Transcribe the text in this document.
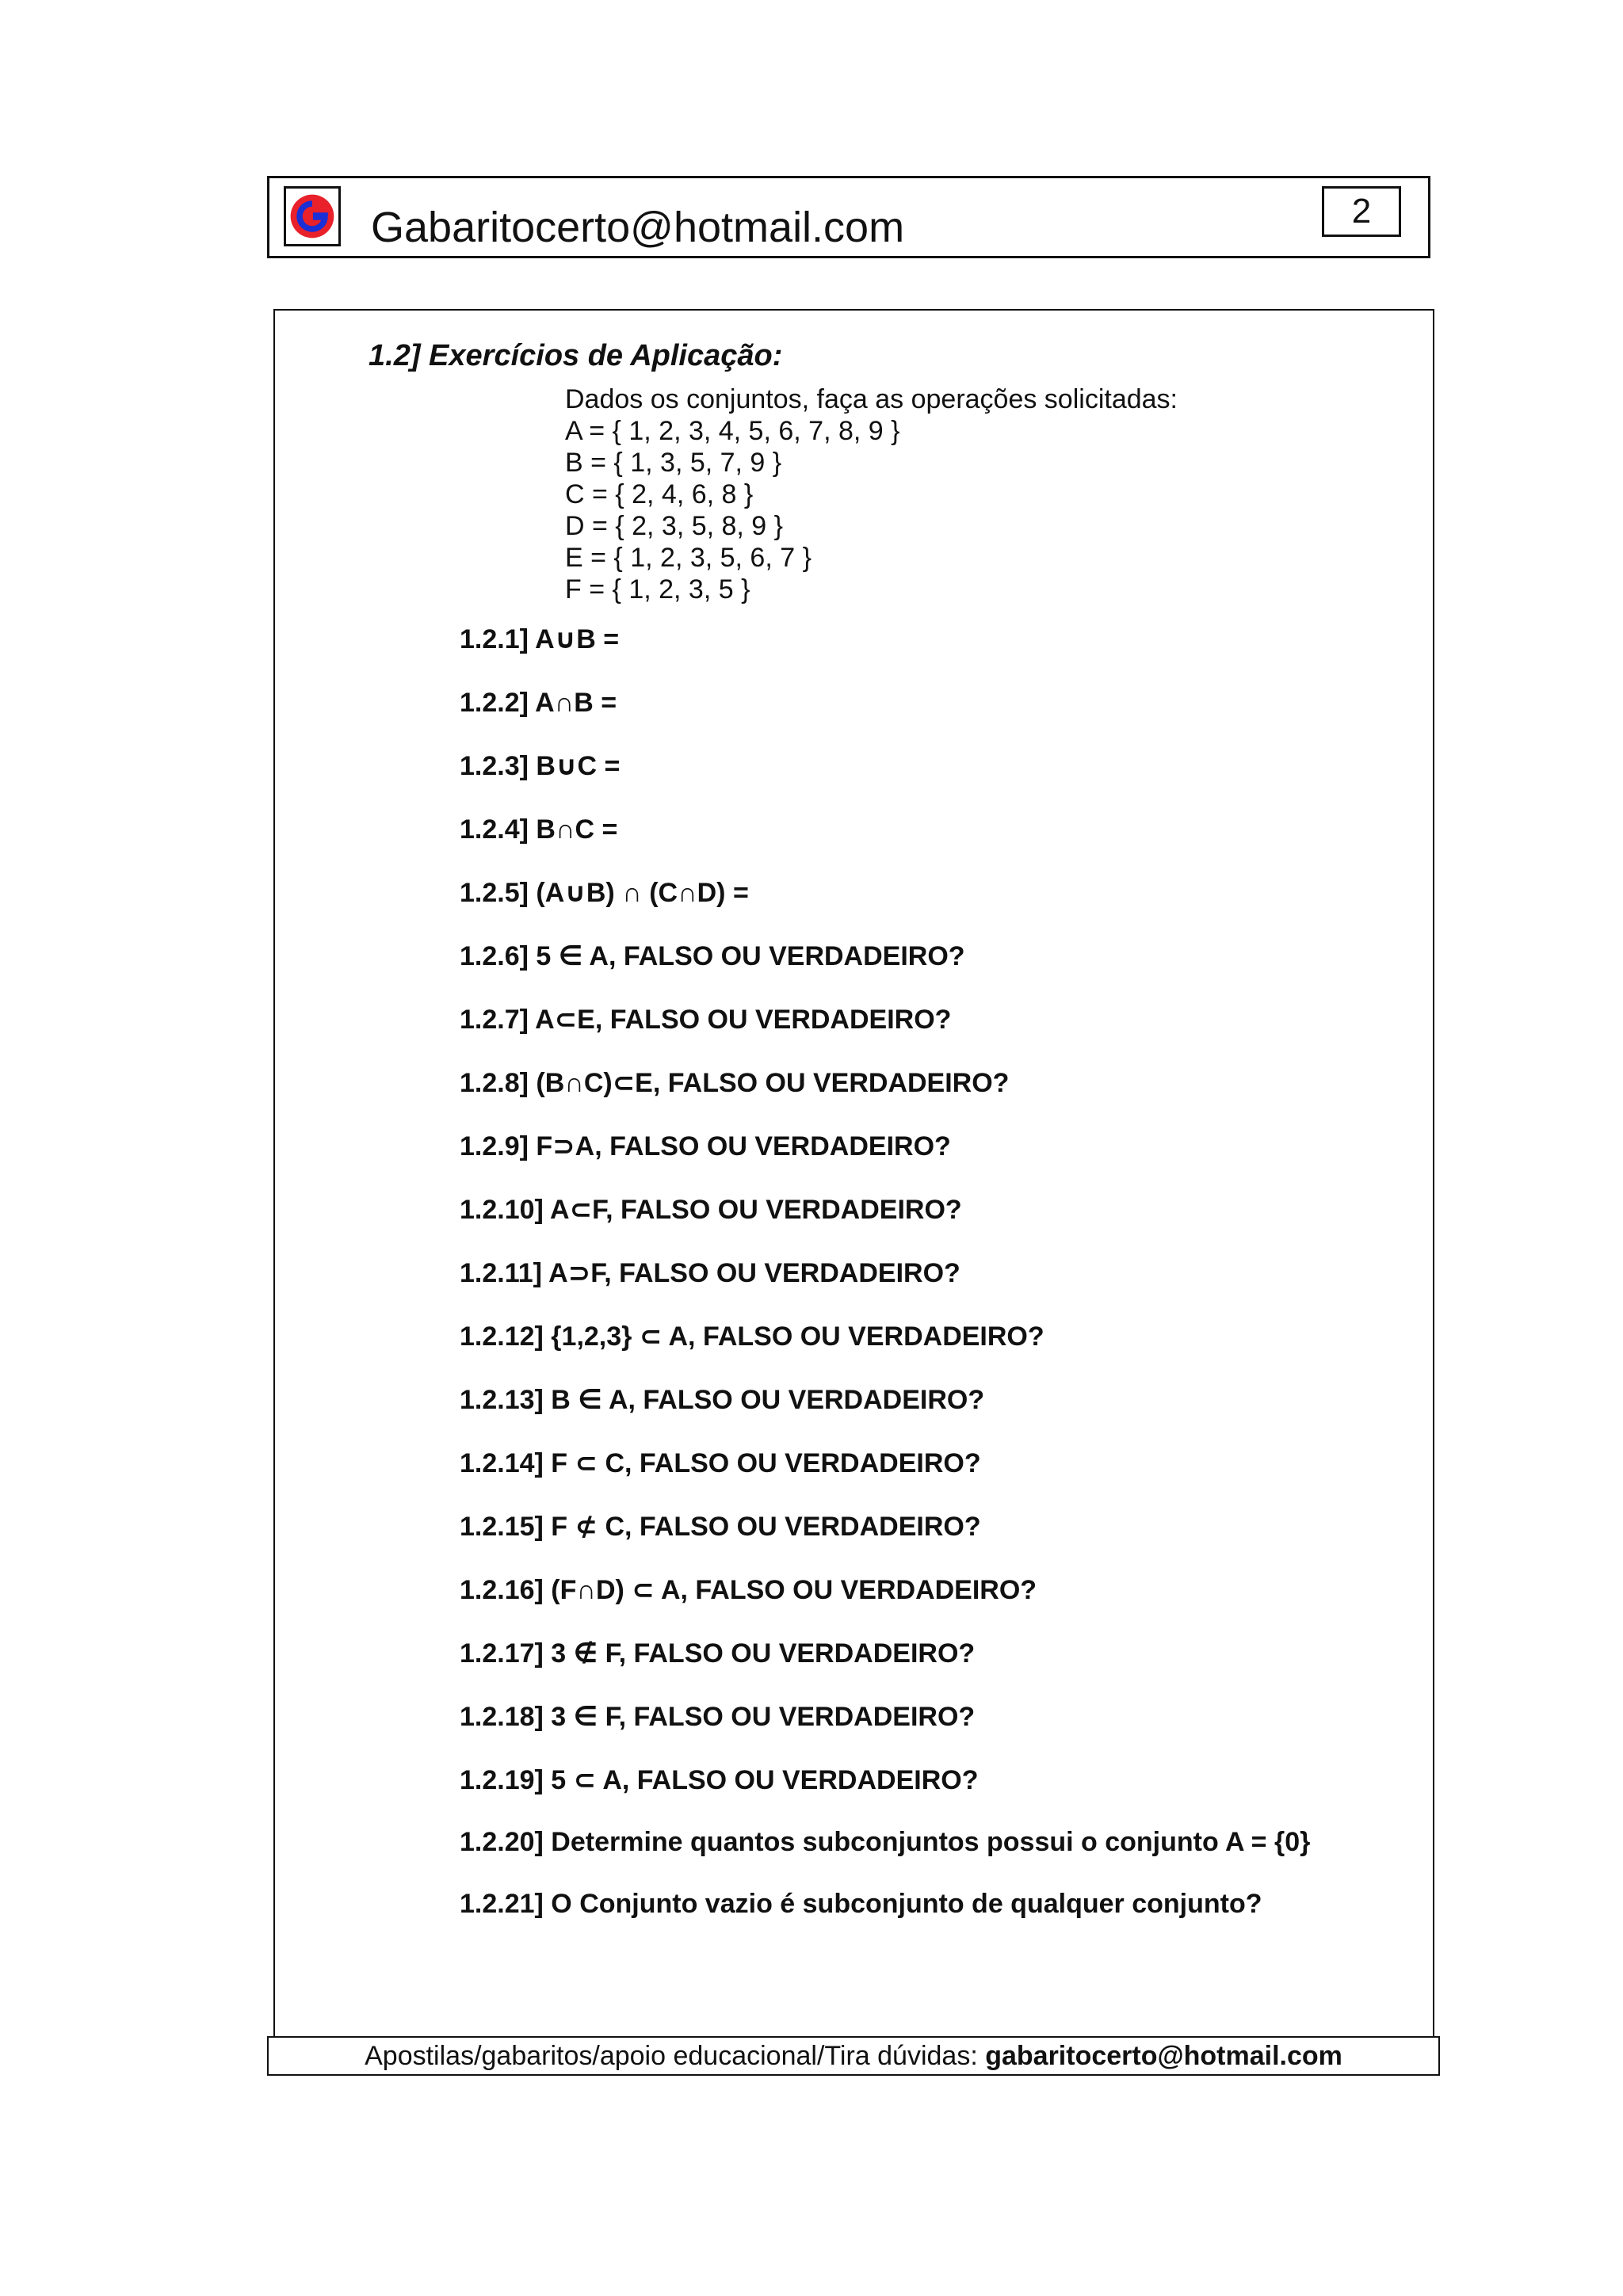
Gabaritocerto@hotmail.com	2
1.2] Exercícios de Aplicação:
Dados os conjuntos, faça as operações solicitadas:
A = { 1, 2, 3, 4, 5, 6, 7, 8, 9 }
B = { 1, 3, 5, 7, 9 }
C = { 2, 4, 6, 8 }
D = { 2, 3, 5, 8, 9 }
E = { 1, 2, 3, 5, 6, 7 }
F = { 1, 2, 3, 5 }
1.2.1] A∪B =
1.2.2] A∩B =
1.2.3] B∪C =
1.2.4] B∩C =
1.2.5] (A∪B) ∩ (C∩D) =
1.2.6] 5 ∈ A, FALSO OU VERDADEIRO?
1.2.7] A⊂E, FALSO OU VERDADEIRO?
1.2.8] (B∩C)⊂E, FALSO OU VERDADEIRO?
1.2.9] F⊃A, FALSO OU VERDADEIRO?
1.2.10] A⊂F, FALSO OU VERDADEIRO?
1.2.11] A⊃F, FALSO OU VERDADEIRO?
1.2.12] {1,2,3} ⊂ A, FALSO OU VERDADEIRO?
1.2.13] B ∈ A, FALSO OU VERDADEIRO?
1.2.14] F ⊂ C, FALSO OU VERDADEIRO?
1.2.15] F ⊄ C, FALSO OU VERDADEIRO?
1.2.16] (F∩D) ⊂ A, FALSO OU VERDADEIRO?
1.2.17] 3 ∉ F, FALSO OU VERDADEIRO?
1.2.18] 3 ∈ F, FALSO OU VERDADEIRO?
1.2.19] 5 ⊂ A, FALSO OU VERDADEIRO?
1.2.20] Determine quantos subconjuntos possui o conjunto A = {0}
1.2.21] O Conjunto vazio é subconjunto de qualquer conjunto?
Apostilas/gabaritos/apoio educacional/Tira dúvidas: gabaritocerto@hotmail.com
